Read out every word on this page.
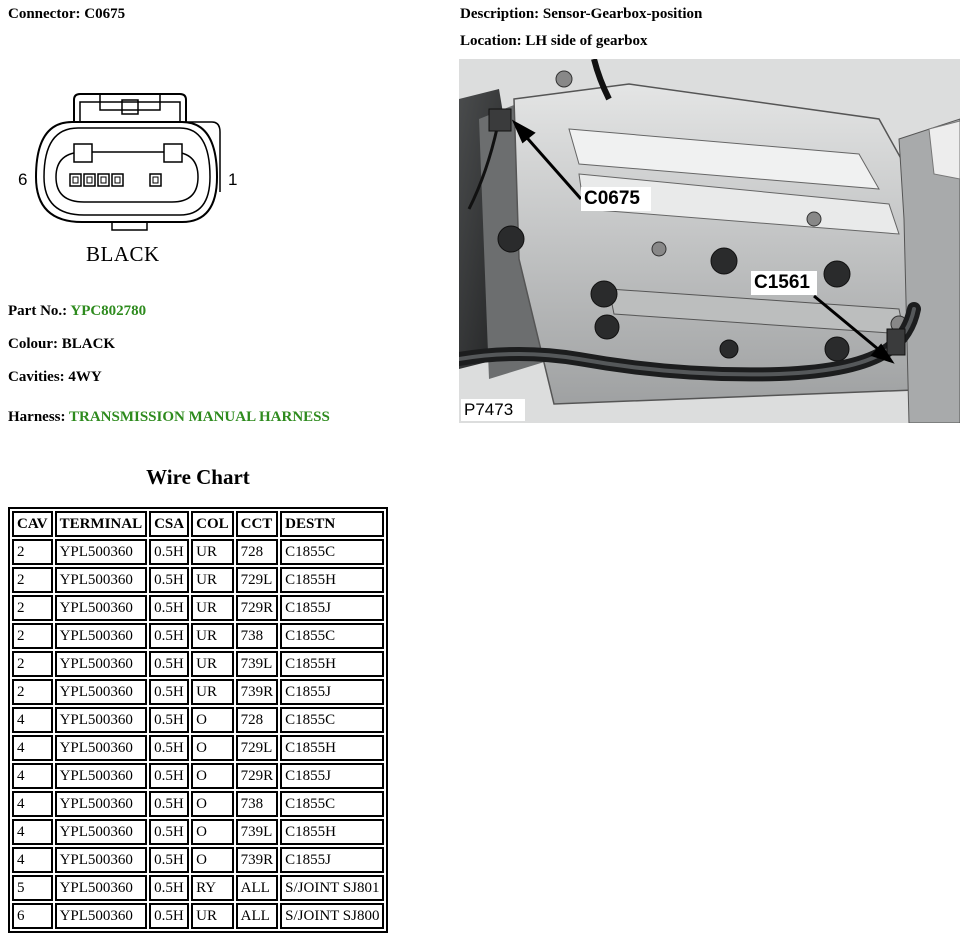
Connector: C0675	Description: Sensor-Gearbox-position
Location: LH side of gearbox
6	1
BLACK
Part No.: YPC802780
Colour: BLACK
Cavities: 4WY
Harness: TRANSMISSION MANUAL HARNESS
C0675
C1561
P7473
Wire Chart
CAV	TERMINAL	CSA	COL	CCT	DESTN
2	YPL500360	0.5H	UR	728	C1855C
2	YPL500360	0.5H	UR	729L	C1855H
2	YPL500360	0.5H	UR	729R	C1855J
2	YPL500360	0.5H	UR	738	C1855C
2	YPL500360	0.5H	UR	739L	C1855H
2	YPL500360	0.5H	UR	739R	C1855J
4	YPL500360	0.5H	O	728	C1855C
4	YPL500360	0.5H	O	729L	C1855H
4	YPL500360	0.5H	O	729R	C1855J
4	YPL500360	0.5H	O	738	C1855C
4	YPL500360	0.5H	O	739L	C1855H
4	YPL500360	0.5H	O	739R	C1855J
5	YPL500360	0.5H	RY	ALL	S/JOINT SJ801
6	YPL500360	0.5H	UR	ALL	S/JOINT SJ800
